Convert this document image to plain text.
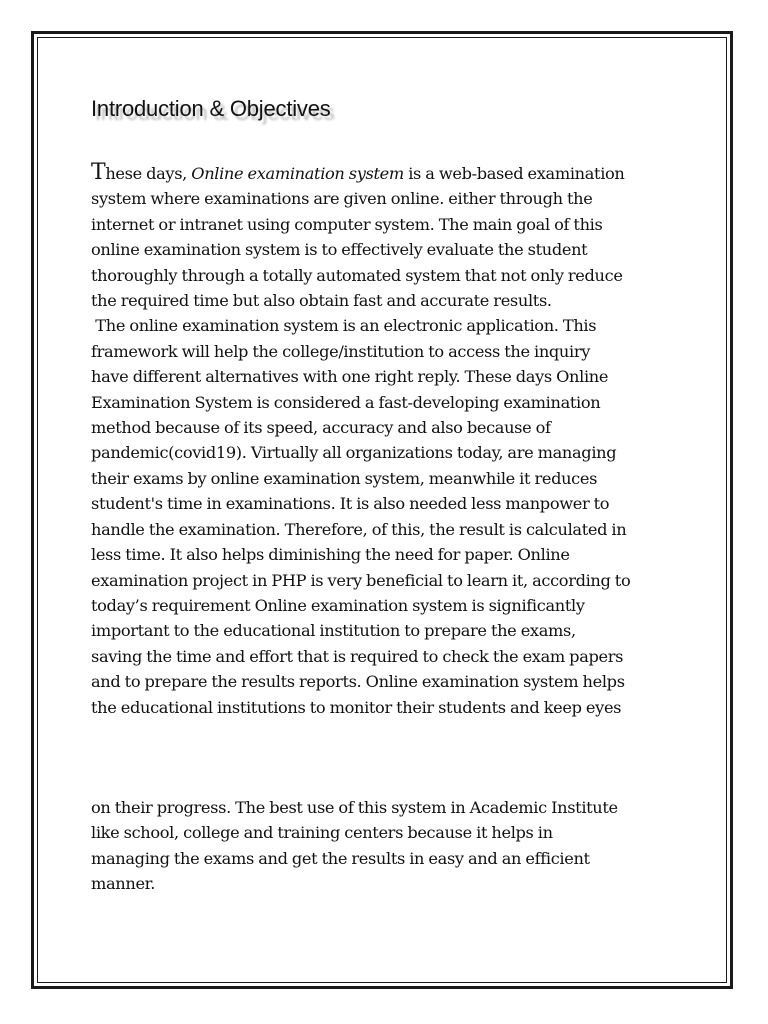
Introduction & Objectives
These days, Online examination system is a web-based examination
system where examinations are given online. either through the
internet or intranet using computer system. The main goal of this
online examination system is to effectively evaluate the student
thoroughly through a totally automated system that not only reduce
the required time but also obtain fast and accurate results.
The online examination system is an electronic application. This
framework will help the college/institution to access the inquiry
have different alternatives with one right reply. These days Online
Examination System is considered a fast-developing examination
method because of its speed, accuracy and also because of
pandemic(covid19). Virtually all organizations today, are managing
their exams by online examination system, meanwhile it reduces
student's time in examinations. It is also needed less manpower to
handle the examination. Therefore, of this, the result is calculated in
less time. It also helps diminishing the need for paper. Online
examination project in PHP is very beneficial to learn it, according to
today’s requirement Online examination system is significantly
important to the educational institution to prepare the exams,
saving the time and effort that is required to check the exam papers
and to prepare the results reports. Online examination system helps
the educational institutions to monitor their students and keep eyes
on their progress. The best use of this system in Academic Institute
like school, college and training centers because it helps in
managing the exams and get the results in easy and an efficient
manner.
